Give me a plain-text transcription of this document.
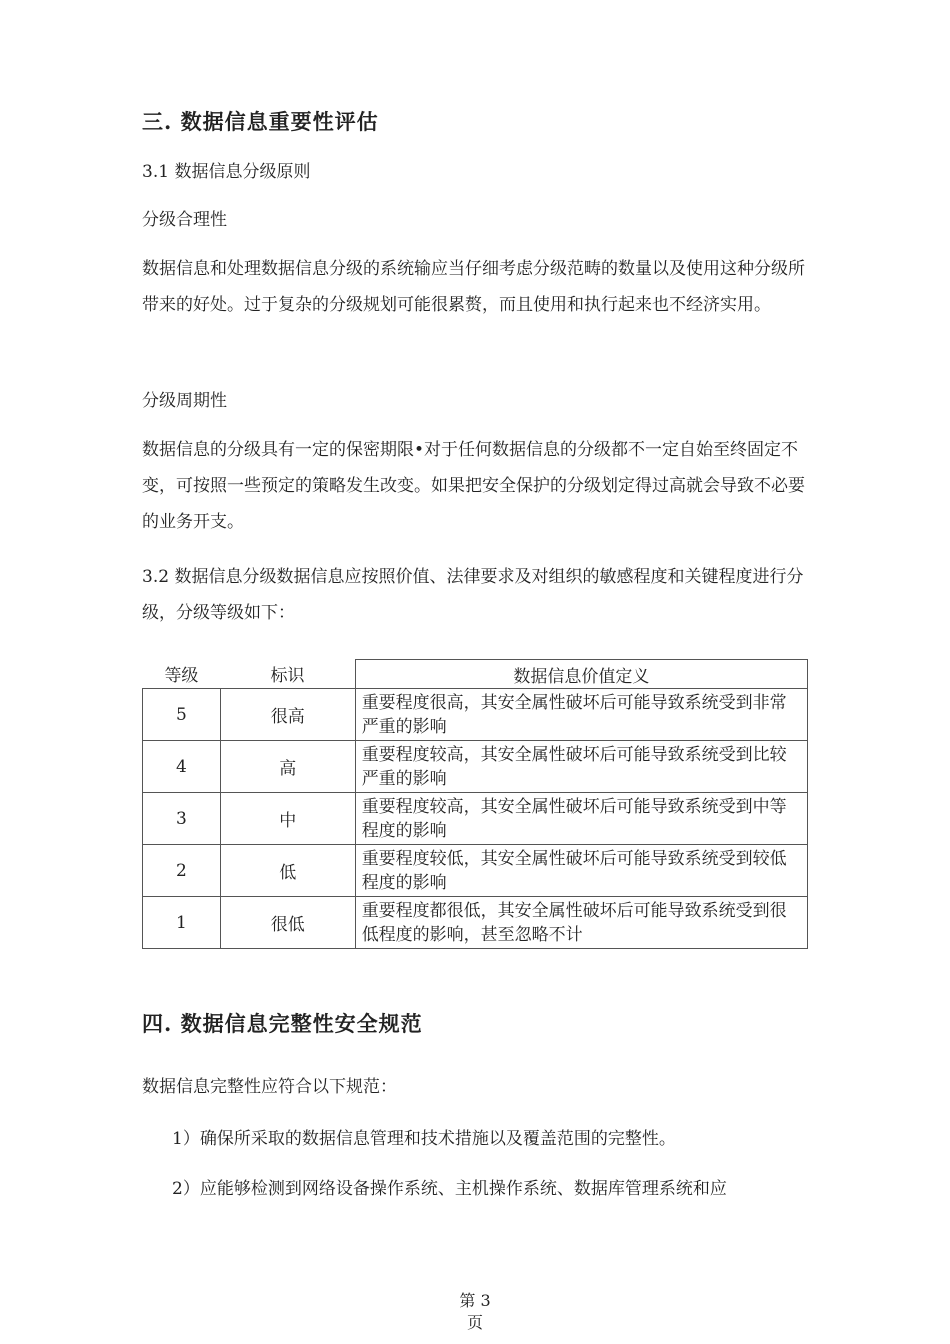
三. 数据信息重要性评估
3.1 数据信息分级原则
分级合理性

数据信息和处理数据信息分级的系统输应当仔细考虑分级范畴的数量以及使用这种分级所带来的好处。过于复杂的分级规划可能很累赘，而且使用和执行起来也不经济实用。

分级周期性

数据信息的分级具有一定的保密期限•对于任何数据信息的分级都不一定自始至终固定不变，可按照一些预定的策略发生改变。如果把安全保护的分级划定得过高就会导致不必要的业务开支。

3.2 数据信息分级数据信息应按照价值、法律要求及对组织的敏感程度和关键程度进行分级，分级等级如下：

等级	标识	数据信息价值定义
5	很高	重要程度很高，其安全属性破坏后可能导致系统受到非常严重的影响
4	高	重要程度较高，其安全属性破坏后可能导致系统受到比较严重的影响
3	中	重要程度较高，其安全属性破坏后可能导致系统受到中等程度的影响
2	低	重要程度较低，其安全属性破坏后可能导致系统受到较低程度的影响
1	很低	重要程度都很低，其安全属性破坏后可能导致系统受到很低程度的影响，甚至忽略不计
四. 数据信息完整性安全规范
数据信息完整性应符合以下规范：
1）确保所采取的数据信息管理和技术措施以及覆盖范围的完整性。
2）应能够检测到网络设备操作系统、主机操作系统、数据库管理系统和应
第 3
页
